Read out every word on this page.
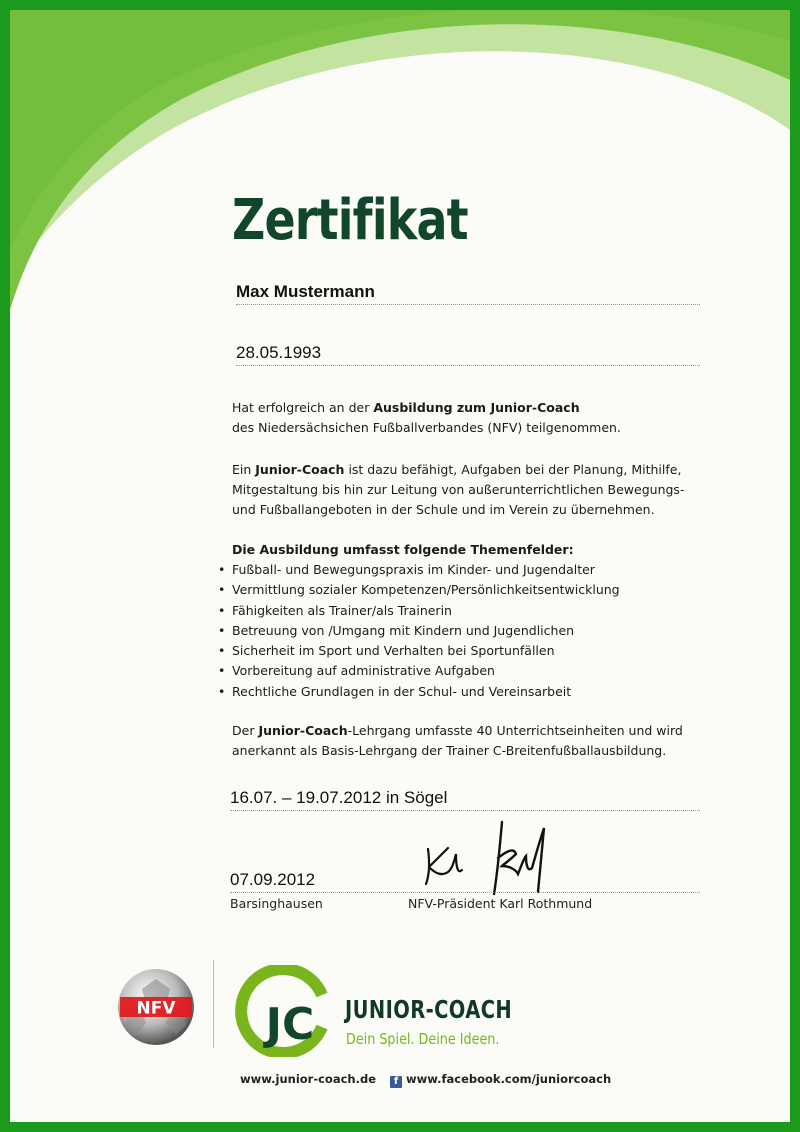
Zertifikat
Max Mustermann
28.05.1993

Hat erfolgreich an der Ausbildung zum Junior-Coach

des Niedersächsichen Fußballverbandes (NFV) teilgenommen.

Ein Junior-Coach ist dazu befähigt, Aufgaben bei der Planung, Mithilfe,

Mitgestaltung bis hin zur Leitung von außerunterrichtlichen Bewegungs-

und Fußballangeboten in der Schule und im Verein zu übernehmen.

Die Ausbildung umfasst folgende Themenfelder:

• Fußball- und Bewegungspraxis im Kinder- und Jugendalter
• Vermittlung sozialer Kompetenzen/Persönlichkeitsentwicklung
• Fähigkeiten als Trainer/als Trainerin
• Betreuung von /Umgang mit Kindern und Jugendlichen
• Sicherheit im Sport und Verhalten bei Sportunfällen
• Vorbereitung auf administrative Aufgaben
• Rechtliche Grundlagen in der Schul- und Vereinsarbeit

Der Junior-Coach-Lehrgang umfasste 40 Unterrichtseinheiten und wird

anerkannt als Basis-Lehrgang der Trainer C-Breitenfußballausbildung.

16.07. – 19.07.2012 in Sögel
07.09.2012
Barsinghausen	NFV-Präsident Karl Rothmund
NFV JC JUNIOR-COACH
Dein Spiel. Deine Ideen.
www.junior-coach.de f www.facebook.com/juniorcoach
